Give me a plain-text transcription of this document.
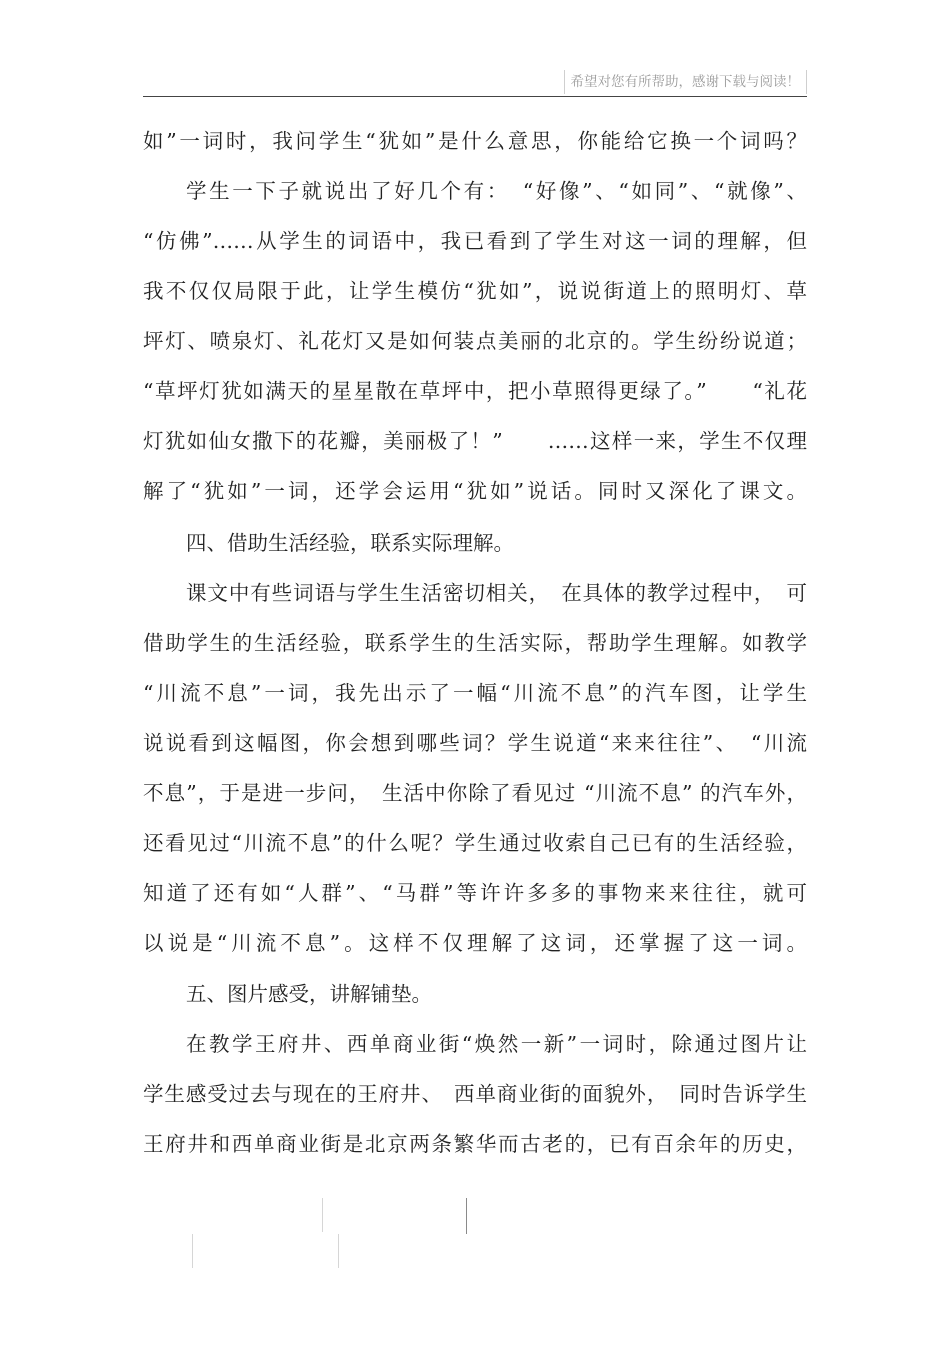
希望对您有所帮助，感谢下载与阅读！
如”一词时，我问学生“犹如”是什么意思，你能给它换一个词吗？
学生一下子就说出了好几个有：　“好像”、“如同”、“就像”、
“仿佛”……从学生的词语中，我已看到了学生对这一词的理解，但
我不仅仅局限于此，让学生模仿“犹如”，说说街道上的照明灯、草
坪灯、喷泉灯、礼花灯又是如何装点美丽的北京的。学生纷纷说道；
“草坪灯犹如满天的星星散在草坪中，把小草照得更绿了。”　　“礼花
灯犹如仙女撒下的花瓣，美丽极了！”　　……这样一来，学生不仅理
解了“犹如”一词，还学会运用“犹如”说话。同时又深化了课文。
四、借助生活经验，联系实际理解。
课文中有些词语与学生生活密切相关，　在具体的教学过程中，　可
借助学生的生活经验，联系学生的生活实际，帮助学生理解。如教学
“川流不息”一词，我先出示了一幅“川流不息”的汽车图，让学生
说说看到这幅图，你会想到哪些词？学生说道“来来往往”、　“川流
不息”，于是进一步问，　生活中你除了看见过 “川流不息” 的汽车外，
还看见过“川流不息”的什么呢？学生通过收索自己已有的生活经验，
知道了还有如“人群”、“马群”等许许多多的事物来来往往，就可
以说是“川流不息”。这样不仅理解了这词，还掌握了这一词。
五、图片感受，讲解铺垫。
在教学王府井、西单商业街“焕然一新”一词时，除通过图片让
学生感受过去与现在的王府井、　西单商业街的面貌外，　同时告诉学生
王府井和西单商业街是北京两条繁华而古老的，已有百余年的历史，
